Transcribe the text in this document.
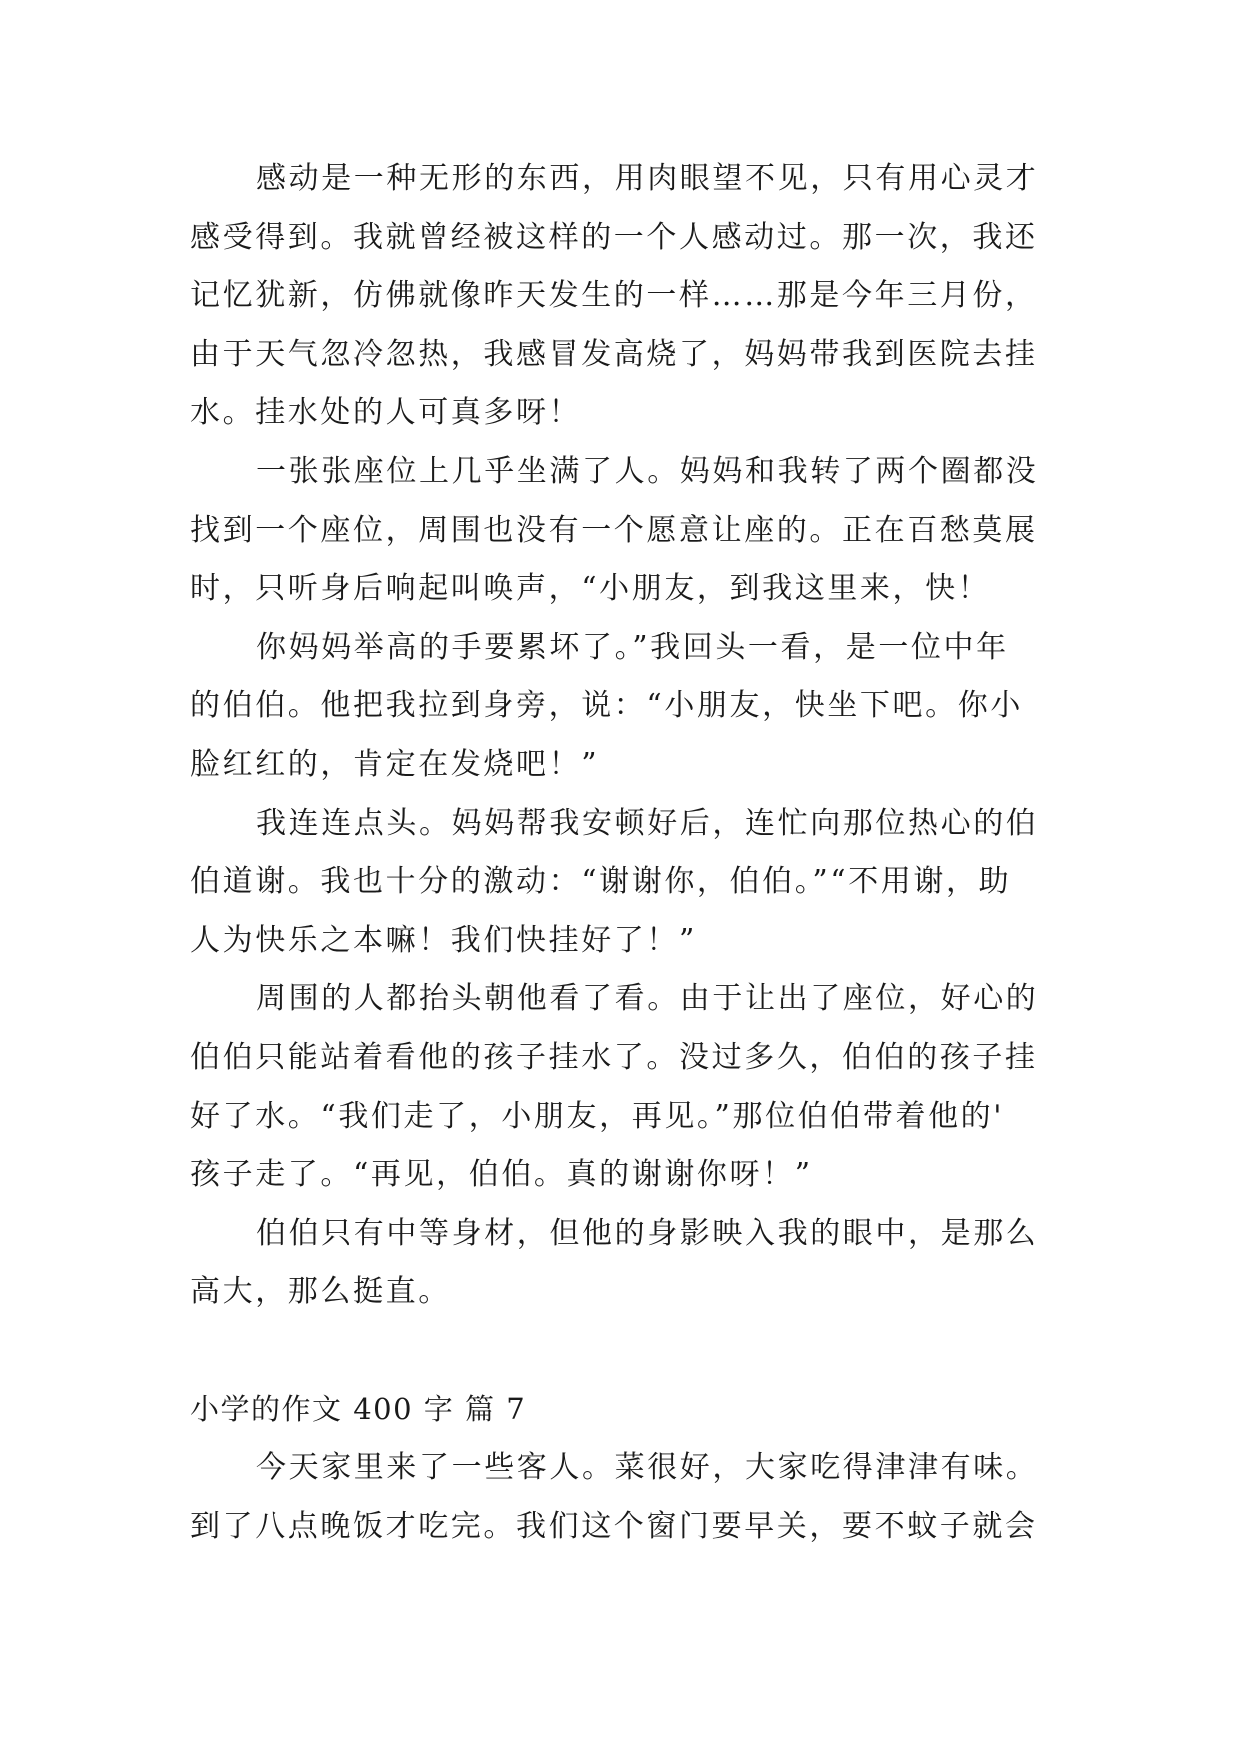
感动是一种无形的东西，用肉眼望不见，只有用心灵才
感受得到。我就曾经被这样的一个人感动过。那一次，我还
记忆犹新，仿佛就像昨天发生的一样……那是今年三月份，
由于天气忽冷忽热，我感冒发高烧了，妈妈带我到医院去挂
水。挂水处的人可真多呀！
一张张座位上几乎坐满了人。妈妈和我转了两个圈都没
找到一个座位，周围也没有一个愿意让座的。正在百愁莫展
时，只听身后响起叫唤声，“小朋友，到我这里来，快！
你妈妈举高的手要累坏了。”我回头一看，是一位中年
的伯伯。他把我拉到身旁，说：“小朋友，快坐下吧。你小
脸红红的，肯定在发烧吧！”
我连连点头。妈妈帮我安顿好后，连忙向那位热心的伯
伯道谢。我也十分的激动：“谢谢你，伯伯。”“不用谢，助
人为快乐之本嘛！我们快挂好了！”
周围的人都抬头朝他看了看。由于让出了座位，好心的
伯伯只能站着看他的孩子挂水了。没过多久，伯伯的孩子挂
好了水。“我们走了，小朋友，再见。”那位伯伯带着他的'
孩子走了。“再见，伯伯。真的谢谢你呀！”
伯伯只有中等身材，但他的身影映入我的眼中，是那么
高大，那么挺直。
小学的作文 400 字 篇 7
今天家里来了一些客人。菜很好，大家吃得津津有味。
到了八点晚饭才吃完。我们这个窗门要早关，要不蚊子就会
